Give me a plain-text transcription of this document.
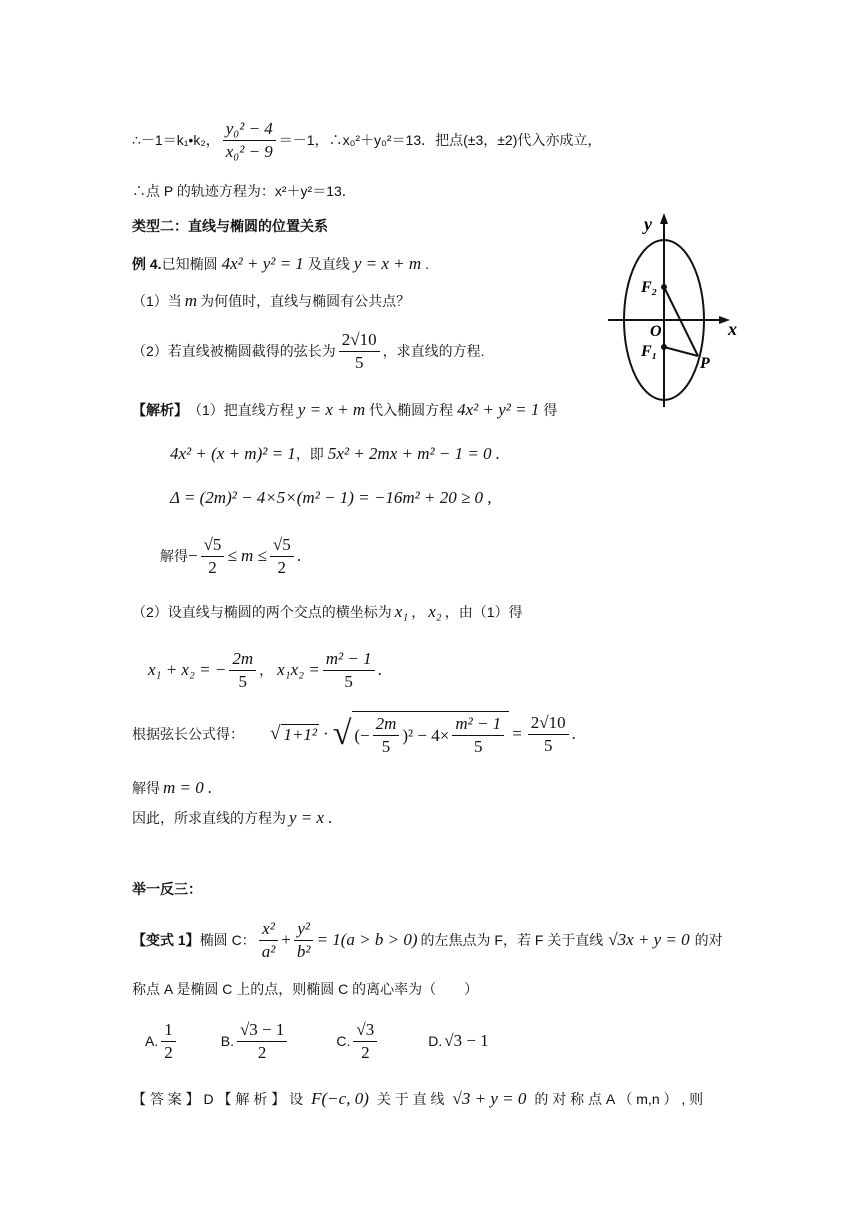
∴－1＝k₁•k₂， $\frac{\text{y₀² − 4}}{\text{x₀² − 9}} =-1$，∴x₀²＋y₀²＝13．把点(±3，±2)代入亦成立，
∴点 P 的轨迹方程为：x²＋y²＝13．
类型二：直线与椭圆的位置关系
例 4. 已知椭圆 4x² + y² = 1 及直线 y = x + m .
（1）当 m 为何值时，直线与椭圆有公共点？
（2）若直线被椭圆截得的弦长为 $\frac{2√10}{5}$ ，求直线的方程.
【解析】 （1）把直线方程 y = x + m 代入椭圆方程 4x² + y² = 1 得
4x² + (x + m)² = 1 ，即 5x² + 2mx + m² − 1 = 0 .
Δ = (2m)² − 4×5×(m² − 1) = −16m² + 20 ≥ 0 ,
解得 − $\frac{√5}{2} \le m \le \frac{√5}{2}$ .
（2）设直线与椭圆的两个交点的横坐标为 x₁ ， x₂ ，由（1）得
x₁ + x₂ = − $\frac{2m}{5}$ ， $x_1x_2 = \frac{\text{m² − 1}}{5}$ .
根据弦长公式得： √ 1+1² · √ (− $\frac{2m}{5} )^2 - 4\times \frac{\text{m² − 1}}{5} = \frac{2√10}{5}$ .
解得 m = 0 .
因此，所求直线的方程为 y = x .
举一反三：
【变式 1】 椭圆 C： $\frac{\text{x²}}{\text{a²}} + \frac{\text{y²}}{\text{b²}} = 1(a > b > 0)$ 的左焦点为 F，若 F 关于直线 √3x + y = 0 的对
称点 A 是椭圆 C 上的点，则椭圆 C 的离心率为（　　）
A. $\frac{1}{2}$	B. $\frac{√3 - 1}{2}$	C. $\frac{√3}{2}$	D. √3 − 1
【 答 案 】 D 【 解 析 】 设 F(−c, 0) 关 于 直 线 √3 + y = 0 的 对 称 点 A （ m,n ） , 则
y
x
O
F₂
F₁
P
